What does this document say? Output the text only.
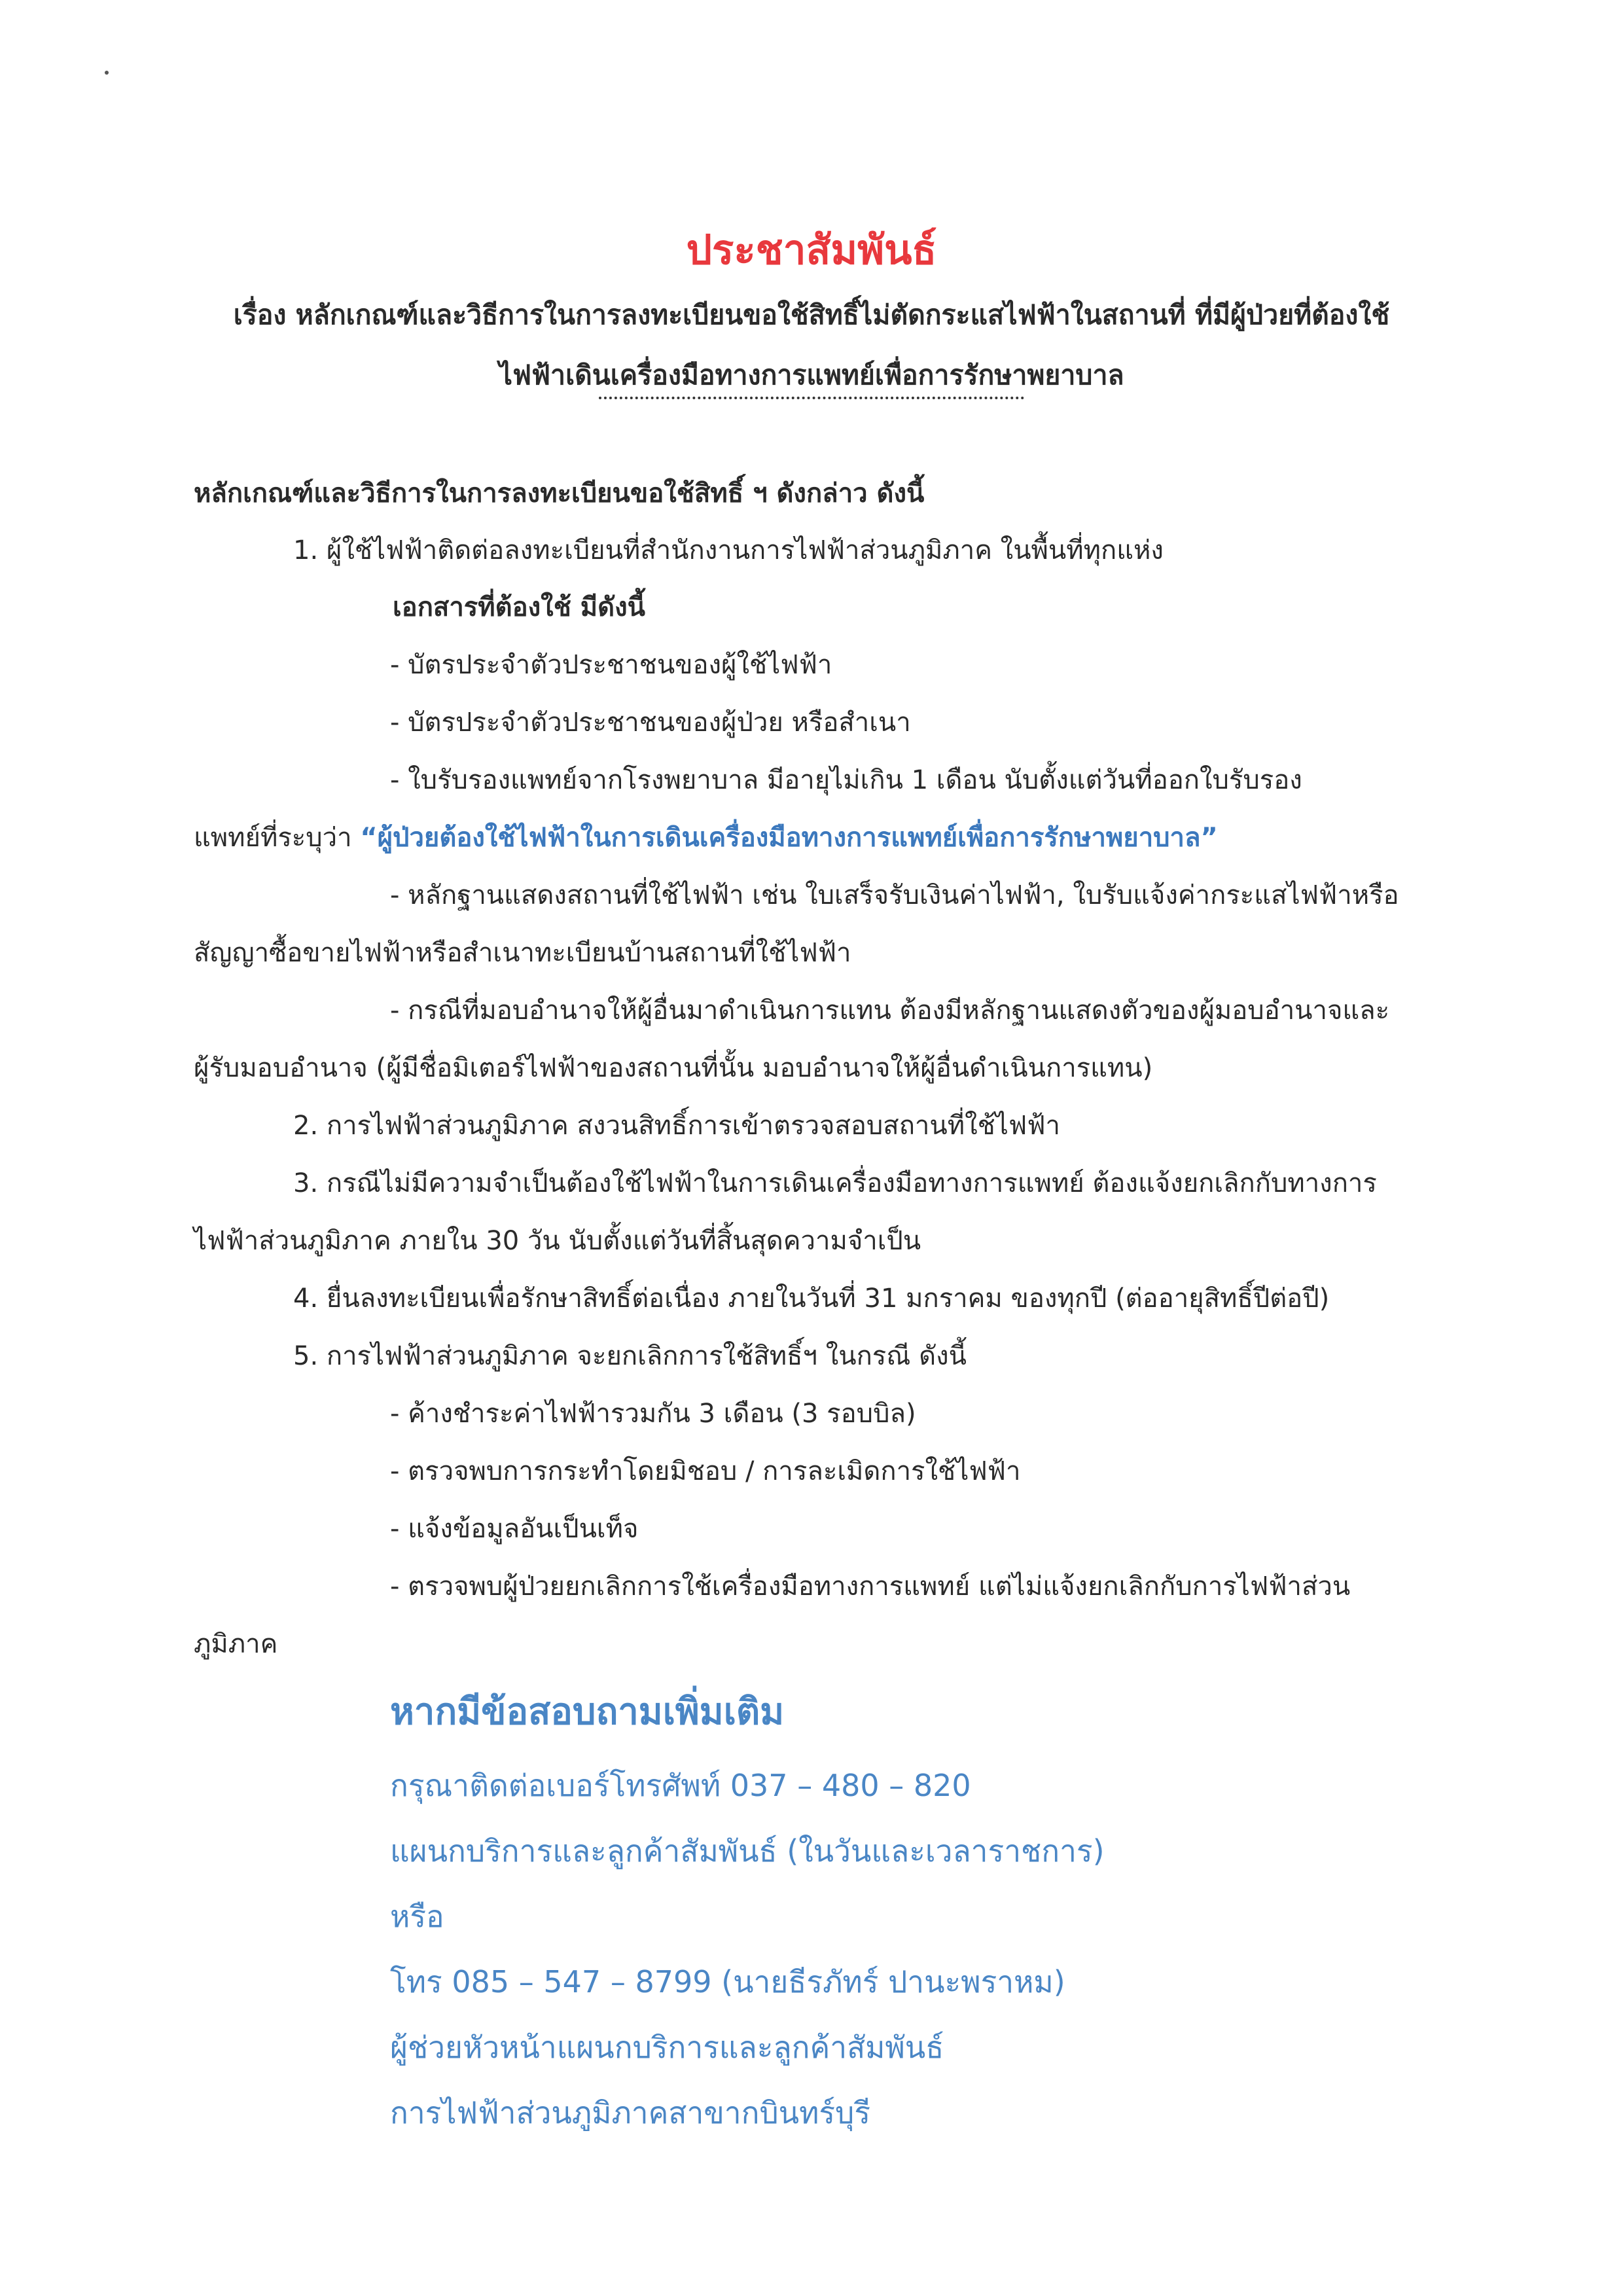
ประชาสัมพันธ์

เรื่อง หลักเกณฑ์และวิธีการในการลงทะเบียนขอใช้สิทธิ์ไม่ตัดกระแสไฟฟ้าในสถานที่ ที่มีผู้ป่วยที่ต้องใช้

ไฟฟ้าเดินเครื่องมือทางการแพทย์เพื่อการรักษาพยาบาล

หลักเกณฑ์และวิธีการในการลงทะเบียนขอใช้สิทธิ์ ฯ ดังกล่าว ดังนี้

1. ผู้ใช้ไฟฟ้าติดต่อลงทะเบียนที่สำนักงานการไฟฟ้าส่วนภูมิภาค ในพื้นที่ทุกแห่ง

เอกสารที่ต้องใช้ มีดังนี้

- บัตรประจำตัวประชาชนของผู้ใช้ไฟฟ้า

- บัตรประจำตัวประชาชนของผู้ป่วย หรือสำเนา

- ใบรับรองแพทย์จากโรงพยาบาล มีอายุไม่เกิน 1 เดือน นับตั้งแต่วันที่ออกใบรับรอง

แพทย์ที่ระบุว่า “ผู้ป่วยต้องใช้ไฟฟ้าในการเดินเครื่องมือทางการแพทย์เพื่อการรักษาพยาบาล”

- หลักฐานแสดงสถานที่ใช้ไฟฟ้า เช่น ใบเสร็จรับเงินค่าไฟฟ้า, ใบรับแจ้งค่ากระแสไฟฟ้าหรือ

สัญญาซื้อขายไฟฟ้าหรือสำเนาทะเบียนบ้านสถานที่ใช้ไฟฟ้า

- กรณีที่มอบอำนาจให้ผู้อื่นมาดำเนินการแทน ต้องมีหลักฐานแสดงตัวของผู้มอบอำนาจและ

ผู้รับมอบอำนาจ (ผู้มีชื่อมิเตอร์ไฟฟ้าของสถานที่นั้น มอบอำนาจให้ผู้อื่นดำเนินการแทน)

2. การไฟฟ้าส่วนภูมิภาค สงวนสิทธิ์การเข้าตรวจสอบสถานที่ใช้ไฟฟ้า

3. กรณีไม่มีความจำเป็นต้องใช้ไฟฟ้าในการเดินเครื่องมือทางการแพทย์ ต้องแจ้งยกเลิกกับทางการ

ไฟฟ้าส่วนภูมิภาค ภายใน 30 วัน นับตั้งแต่วันที่สิ้นสุดความจำเป็น

4. ยื่นลงทะเบียนเพื่อรักษาสิทธิ์ต่อเนื่อง ภายในวันที่ 31 มกราคม ของทุกปี (ต่ออายุสิทธิ์ปีต่อปี)

5. การไฟฟ้าส่วนภูมิภาค จะยกเลิกการใช้สิทธิ์ฯ ในกรณี ดังนี้

- ค้างชำระค่าไฟฟ้ารวมกัน 3 เดือน (3 รอบบิล)

- ตรวจพบการกระทำโดยมิชอบ / การละเมิดการใช้ไฟฟ้า

- แจ้งข้อมูลอันเป็นเท็จ

- ตรวจพบผู้ป่วยยกเลิกการใช้เครื่องมือทางการแพทย์ แต่ไม่แจ้งยกเลิกกับการไฟฟ้าส่วน

ภูมิภาค

หากมีข้อสอบถามเพิ่มเติม

กรุณาติดต่อเบอร์โทรศัพท์ 037 – 480 – 820

แผนกบริการและลูกค้าสัมพันธ์ (ในวันและเวลาราชการ)

หรือ

โทร 085 – 547 – 8799 (นายธีรภัทร์ ปานะพราหม)

ผู้ช่วยหัวหน้าแผนกบริการและลูกค้าสัมพันธ์

การไฟฟ้าส่วนภูมิภาคสาขากบินทร์บุรี
